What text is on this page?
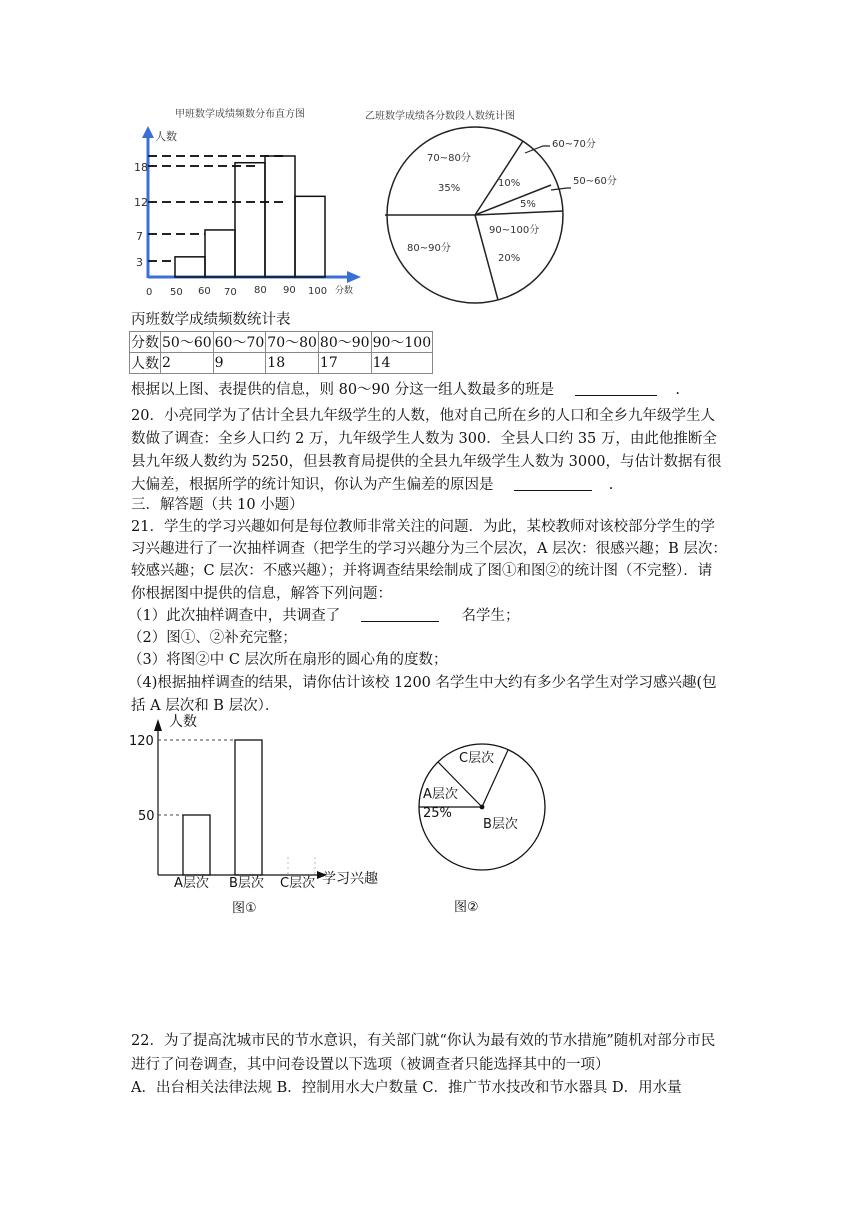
甲班数学成绩频数分布直方图
人数
分数
18
12
7
3
0 50 60 70 80 90 100
乙班数学成绩各分数段人数统计图
70~80分
35%
60~70分
10%	50~60分
5%
90~100分
20%
80~90分
丙班数学成绩频数统计表
分数	50～60	60～70	70～80	80～90	90～100
人数	2	9	18	17	14
根据以上图、表提供的信息，则 80～90 分这一组人数最多的班是	.
20．小亮同学为了估计全县九年级学生的人数，他对自己所在乡的人口和全乡九年级学生人
数做了调查：全乡人口约 2 万，九年级学生人数为 300．全县人口约 35 万，由此他推断全
县九年级人数约为 5250，但县教育局提供的全县九年级学生人数为 3000，与估计数据有很
大偏差，根据所学的统计知识，你认为产生偏差的原因是	.
三．解答题（共 10 小题）
21．学生的学习兴趣如何是每位教师非常关注的问题．为此，某校教师对该校部分学生的学
习兴趣进行了一次抽样调查（把学生的学习兴趣分为三个层次，A 层次：很感兴趣；B 层次：
较感兴趣；C 层次：不感兴趣）；并将调查结果绘制成了图①和图②的统计图（不完整）．请
你根据图中提供的信息，解答下列问题：
（1）此次抽样调查中，共调查了	名学生；
（2）图①、②补充完整；
（3）将图②中 C 层次所在扇形的圆心角的度数；
（4)根据抽样调查的结果，请你估计该校 1200 名学生中大约有多少名学生对学习感兴趣(包
括 A 层次和 B 层次）．
人数
120
50
A层次 B层次 C层次 学习兴趣
图①
C层次
A层次
25%
B层次
图②
22．为了提高沈城市民的节水意识，有关部门就“你认为最有效的节水措施”随机对部分市民
进行了问卷调查，其中问卷设置以下选项（被调查者只能选择其中的一项）
A．出台相关法律法规 B．控制用水大户数量 C．推广节水技改和节水器具 D．用水量
